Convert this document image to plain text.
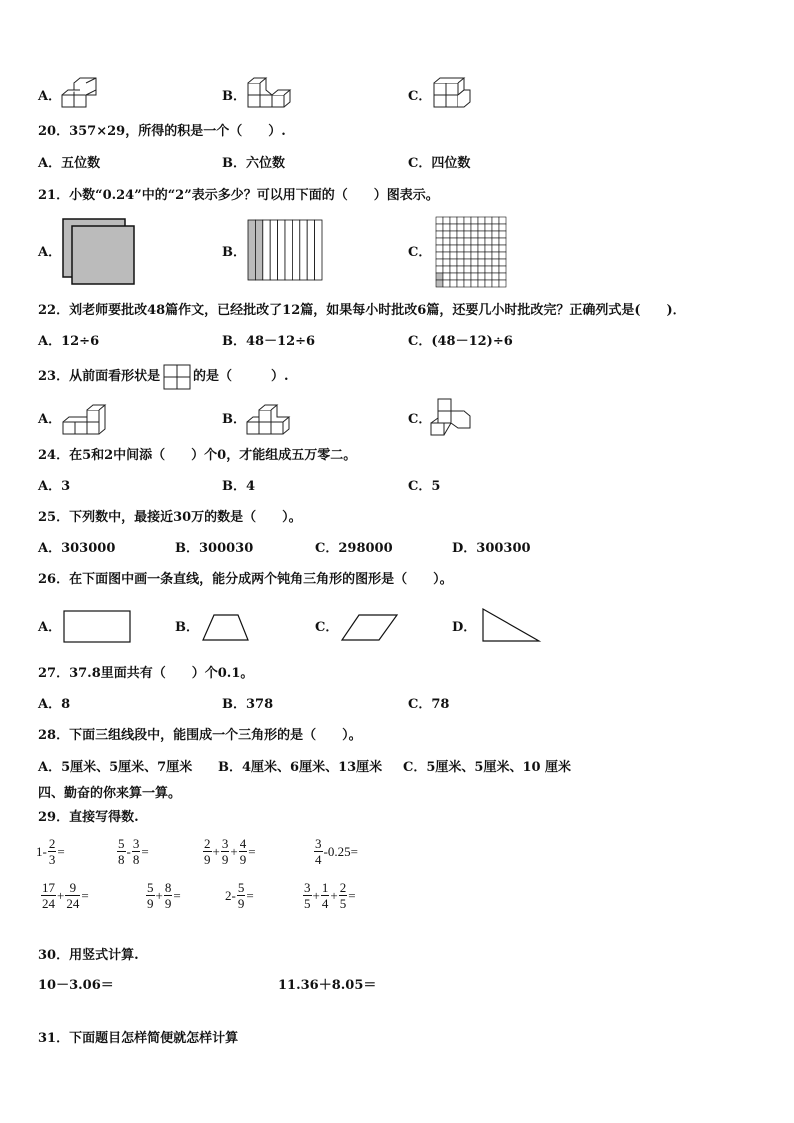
A．	B．	C．
20．357×29，所得的积是一个（　　）.
A．五位数	B．六位数	C．四位数
21．小数“0.24”中的“2”表示多少？可以用下面的（　　）图表示。
A．	B．	C．
22．刘老师要批改48篇作文，已经批改了12篇，如果每小时批改6篇，还要几小时批改完？正确列式是(　　)．
A．12÷6	B．48－12÷6	C．(48－12)÷6
23．从前面看形状是	的是（　　　）.
A．	B．	C．
24．在5和2中间添（　　）个0，才能组成五万零二。
A．3	B．4	C．5
25．下列数中，最接近30万的数是（　　）。
A．303000	B．300030	C．298000	D．300300
26．在下面图中画一条直线，能分成两个钝角三角形的图形是（　　）。
A．	B．	C．	D．
27．37.8里面共有（　　）个0.1。
A．8	B．378	C．78
28．下面三组线段中，能围成一个三角形的是（　　）。
A．5厘米、5厘米、7厘米 B．4厘米、6厘米、13厘米 C．5厘米、5厘米、10 厘米
四、勤奋的你来算一算。
29．直接写得数.
$1- \frac{2}{3}$ =	$\frac{5}{8} - \frac{3}{8}$ =	$\frac{2}{9} + \frac{3}{9} + \frac{4}{9}$ =	$\frac{3}{4} -0.25=$
$\frac{17}{24} + \frac{9}{24}$ =	$\frac{5}{9} + \frac{8}{9}$ =	$2- \frac{5}{9}$ =	$\frac{3}{5} + \frac{1}{4} + \frac{2}{5}$ =
30．用竖式计算.
10－3.06＝	11.36＋8.05＝
31．下面题目怎样简便就怎样计算
